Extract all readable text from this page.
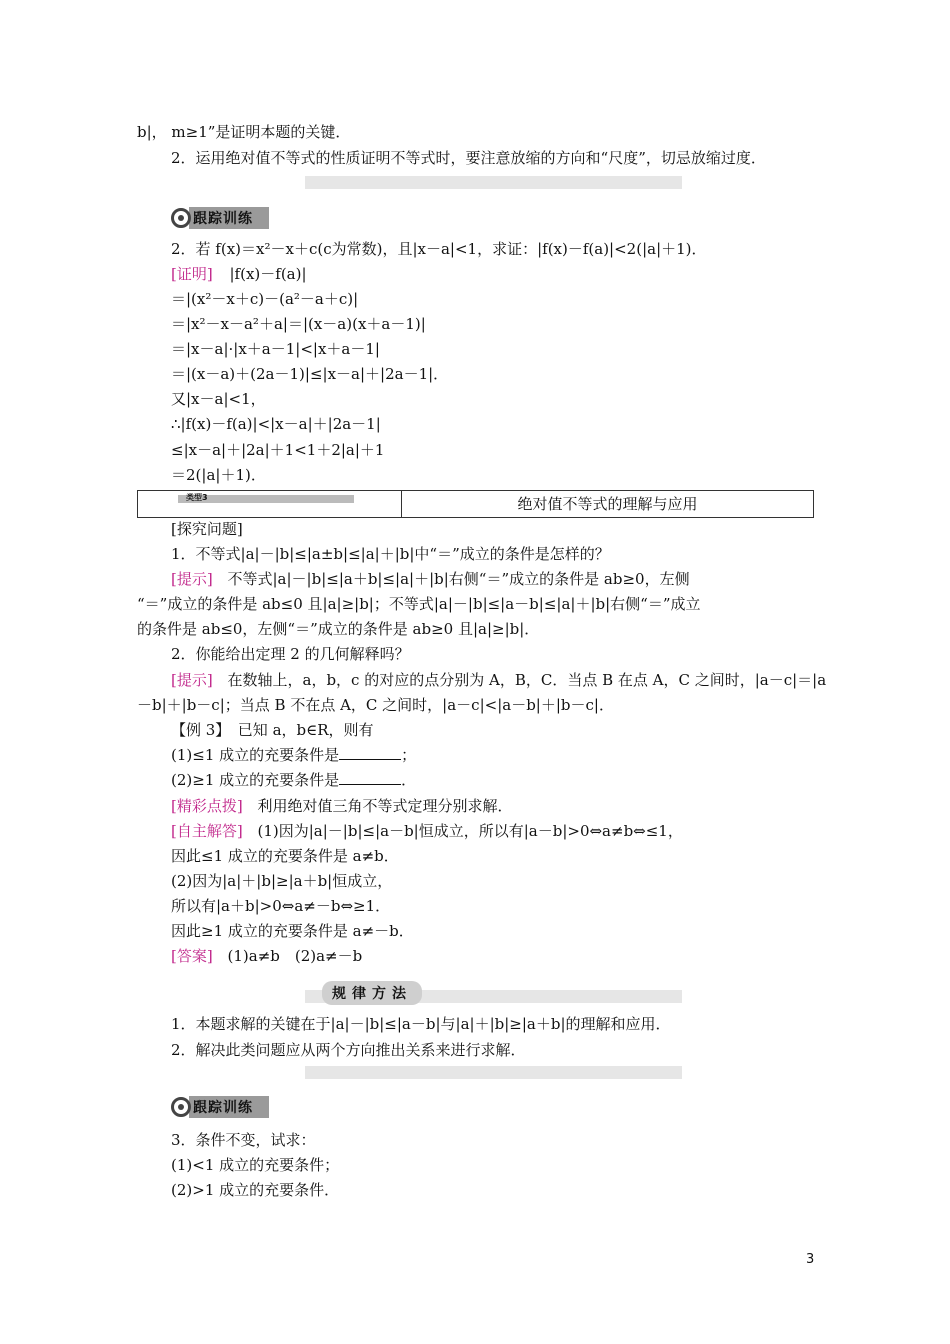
b|， m≥1”是证明本题的关键．
2．运用绝对值不等式的性质证明不等式时，要注意放缩的方向和“尺度”，切忌放缩过度．
跟踪训练
2．若 f(x)＝x²－x＋c(c为常数)，且|x－a|<1，求证：|f(x)－f(a)|<2(|a|＋1)．
[证明] |f(x)－f(a)|
＝|(x²－x＋c)－(a²－a＋c)|
＝|x²－x－a²＋a|＝|(x－a)(x＋a－1)|
＝|x－a|·|x＋a－1|<|x＋a－1|
＝|(x－a)＋(2a－1)|≤|x－a|＋|2a－1|．
又|x－a|<1，
∴|f(x)－f(a)|<|x－a|＋|2a－1|
≤|x－a|＋|2a|＋1<1＋2|a|＋1
＝2(|a|＋1)．
类型3	绝对值不等式的理解与应用
[探究问题]
1．不等式|a|－|b|≤|a±b|≤|a|＋|b|中“＝”成立的条件是怎样的？
[提示] 不等式|a|－|b|≤|a＋b|≤|a|＋|b|右侧“＝”成立的条件是 ab≥0，左侧
“＝”成立的条件是 ab≤0 且|a|≥|b|；不等式|a|－|b|≤|a－b|≤|a|＋|b|右侧“＝”成立
的条件是 ab≤0，左侧“＝”成立的条件是 ab≥0 且|a|≥|b|．
2．你能给出定理 2 的几何解释吗？
[提示] 在数轴上，a，b，c 的对应的点分别为 A，B，C．当点 B 在点 A，C 之间时，|a－c|＝|a
－b|＋|b－c|；当点 B 不在点 A，C 之间时，|a－c|<|a－b|＋|b－c|．
【例 3】　已知 a，b∈R，则有
(1)≤1 成立的充要条件是	；
(2)≥1 成立的充要条件是	．
[精彩点拨] 利用绝对值三角不等式定理分别求解．
[自主解答] (1)因为|a|－|b|≤|a－b|恒成立，所以有|a－b|>0⇔a≠b⇔≤1，
因此≤1 成立的充要条件是 a≠b．
(2)因为|a|＋|b|≥|a＋b|恒成立，
所以有|a＋b|>0⇔a≠－b⇔≥1．
因此≥1 成立的充要条件是 a≠－b．
[答案] (1)a≠b　(2)a≠－b
规律方法
1．本题求解的关键在于|a|－|b|≤|a－b|与|a|＋|b|≥|a＋b|的理解和应用．
2．解决此类问题应从两个方向推出关系来进行求解．
跟踪训练
3．条件不变，试求：
(1)<1 成立的充要条件；
(2)>1 成立的充要条件．
3
